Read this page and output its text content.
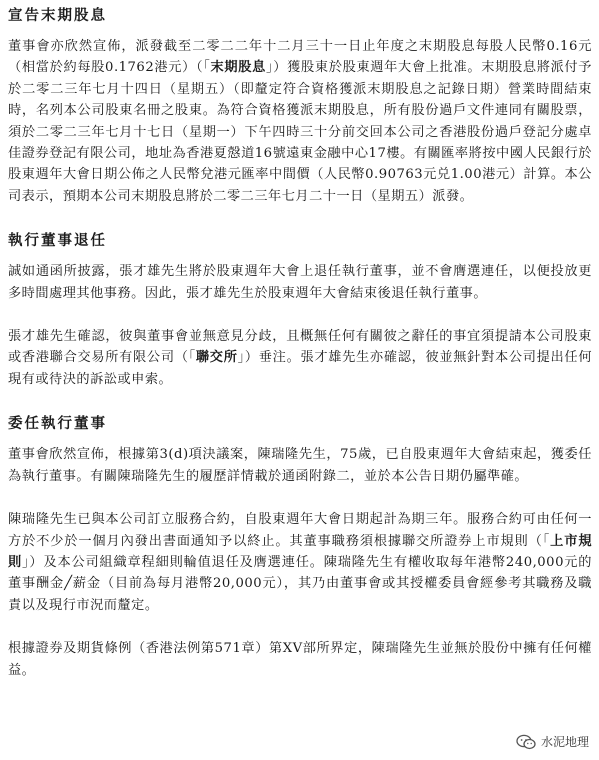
宣告末期股息

董事會亦欣然宣佈，派發截至二零二二年十二月三十一日止年度之末期股息每股人民幣0.16元（相當於約每股0.1762港元）（「末期股息」）獲股東於股東週年大會上批准。末期股息將派付予於二零二三年七月十四日（星期五）（即釐定符合資格獲派末期股息之記錄日期）營業時間結束時，名列本公司股東名冊之股東。為符合資格獲派末期股息，所有股份過戶文件連同有關股票，須於二零二三年七月十七日（星期一）下午四時三十分前交回本公司之香港股份過戶登記分處卓佳證券登記有限公司，地址為香港夏慤道16號遠東金融中心17樓。有關匯率將按中國人民銀行於股東週年大會日期公佈之人民幣兌港元匯率中間價（人民幣0.90763元兑1.00港元）計算。本公司表示，預期本公司末期股息將於二零二三年七月二十一日（星期五）派發。

執行董事退任

誠如通函所披露，張才雄先生將於股東週年大會上退任執行董事，並不會膺選連任，以便投放更多時間處理其他事務。因此，張才雄先生於股東週年大會結束後退任執行董事。

張才雄先生確認，彼與董事會並無意見分歧，且概無任何有關彼之辭任的事宜須提請本公司股東或香港聯合交易所有限公司（「聯交所」）垂注。張才雄先生亦確認，彼並無針對本公司提出任何現有或待決的訴訟或申索。

委任執行董事

董事會欣然宣佈，根據第3(d)項決議案，陳瑞隆先生，75歲，已自股東週年大會結束起，獲委任為執行董事。有關陳瑞隆先生的履歷詳情載於通函附錄二，並於本公告日期仍屬準確。

陳瑞隆先生已與本公司訂立服務合約，自股東週年大會日期起計為期三年。服務合約可由任何一方於不少於一個月內發出書面通知予以終止。其董事職務須根據聯交所證券上市規則（「上市規則」）及本公司組織章程細則輪值退任及膺選連任。陳瑞隆先生有權收取每年港幣240,000元的董事酬金╱薪金（目前為每月港幣20,000元），其乃由董事會或其授權委員會經參考其職務及職責以及現行市況而釐定。

根據證券及期貨條例（香港法例第571章）第XV部所界定，陳瑞隆先生並無於股份中擁有任何權益。

水泥地理
